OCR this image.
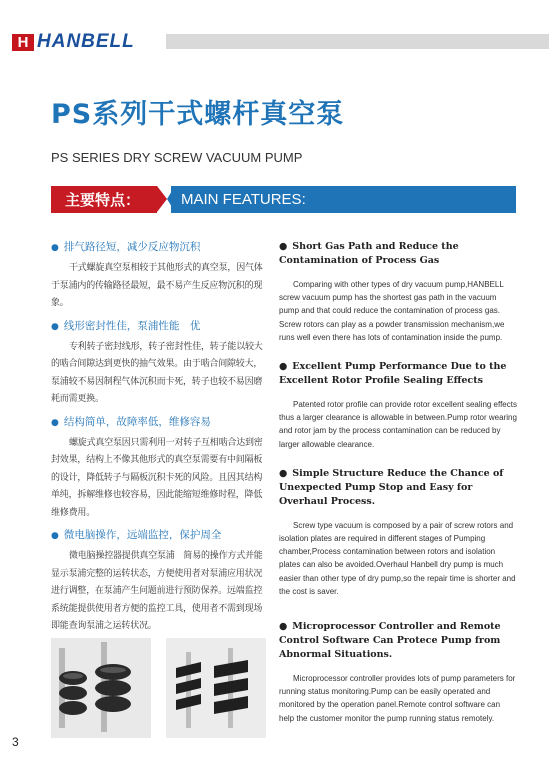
H HANBELL
PS系列干式螺杆真空泵
PS SERIES DRY SCREW VACUUM PUMP
主要特点：	MAIN FEATURES:
● 排气路径短，减少反应物沉积
干式螺旋真空泵相较于其他形式的真空泵，因气体于泵浦内的传输路径最短，最不易产生反应物沉积的现象。
● 线形密封性佳，泵浦性能　优
专利转子密封线形，转子密封性佳，转子能以较大的啮合间隙达到更快的抽气效果。由于啮合间隙较大，泵浦较不易因制程气体沉积而卡死，转子也较不易因磨耗而需更换。
● 结构简单，故障率低，维修容易
螺旋式真空泵因只需利用一对转子互相啮合达到密封效果，结构上不像其他形式的真空泵需要有中间隔板的设计，降低转子与隔板沉积卡死的风险。且因其结构单纯，拆解维修也较容易，因此能缩短维修时程，降低维修费用。
● 微电脑操作，远端监控，保护周全
微电脑操控器提供真空泵浦　简易的操作方式并能显示泵浦完整的运转状态，方便使用者对泵浦应用状况进行调整，在泵浦产生问题前进行预防保养。远端监控系统能提供使用者方便的监控工具，使用者不需到现场即能查询泵浦之运转状况。
● Short Gas Path and Reduce the Contamination of Process Gas
Comparing with other types of dry vacuum pump,HANBELL screw vacuum pump has the shortest gas path in the vacuum pump and that could reduce the contamination of process gas. Screw rotors can play as a powder transmission mechanism,we runs well even there has lots of contamination inside the pump.
● Excellent Pump Performance Due to the Excellent Rotor Profile Sealing Effects
Patented rotor profile can provide rotor excellent sealing effects thus a larger clearance is allowable in between.Pump rotor wearing and rotor jam by the process contamination can be reduced by larger allowable clearance.
● Simple Structure Reduce the Chance of Unexpected Pump Stop and Easy for Overhaul Process.
Screw type vacuum is composed by a pair of screw rotors and isolation plates are required in different stages of Pumping chamber,Process contamination between rotors and isolation plates can also be avoided.Overhaul Hanbell dry pump is much easier than other type of dry pump,so the repair time is shorter and the cost is saver.
● Microprocessor Controller and Remote Control Software Can Protece Pump from Abnormal Situations.
Microprocessor controller provides lots of pump parameters for running status monitoring.Pump can be easily operated and monitored by the operation panel.Remote control software can help the customer monitor the pump running status remotely.
3
